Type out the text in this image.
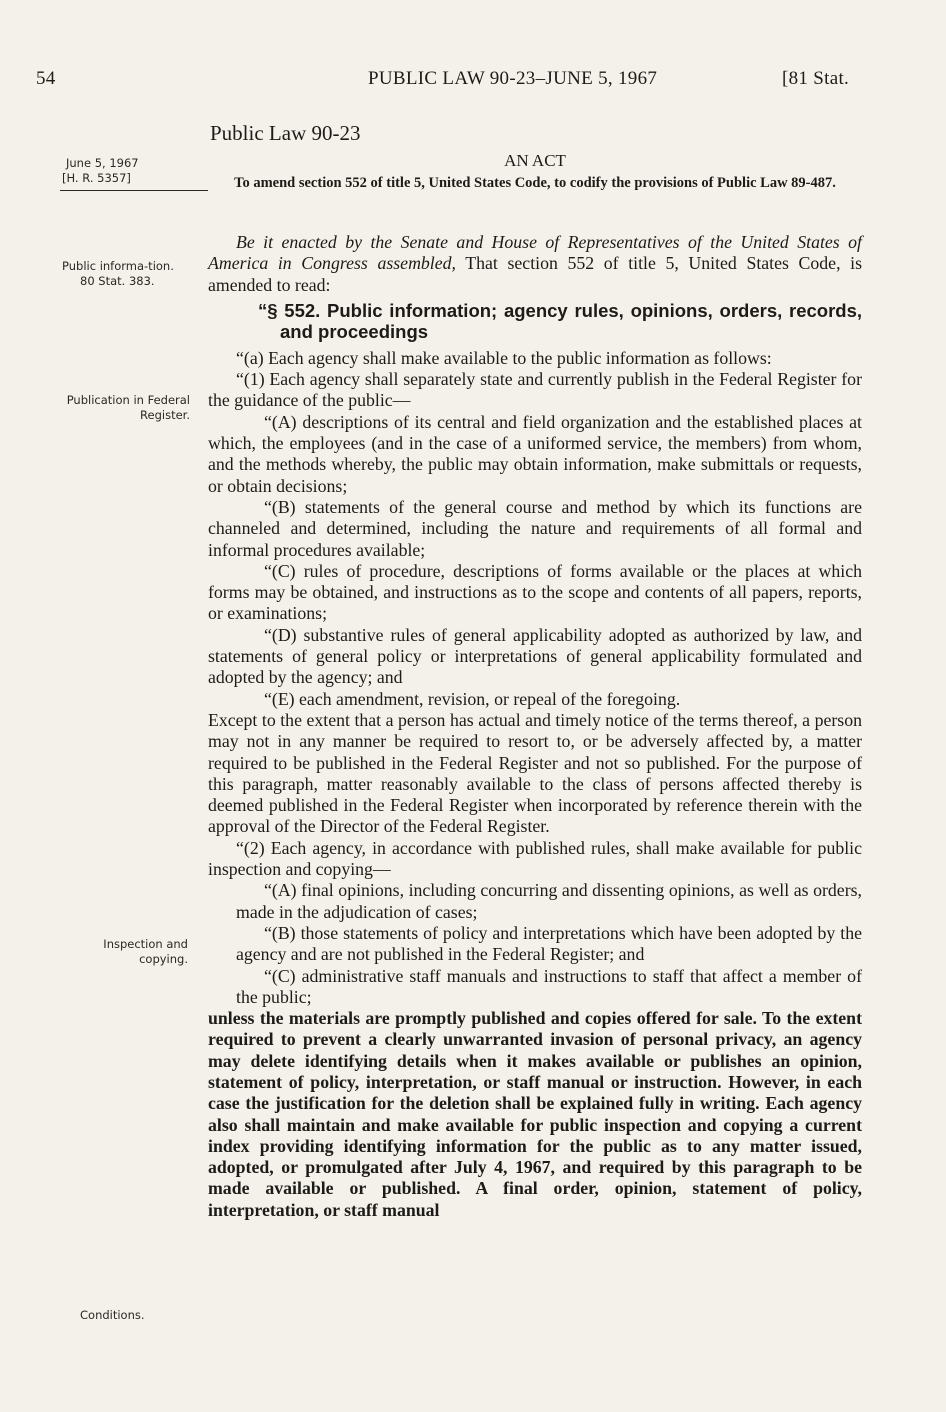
54	PUBLIC LAW 90-23–JUNE 5, 1967	[81 Stat.
Public Law 90-23
June 5, 1967
[H. R. 5357]
Public informa-tion.
80 Stat. 383.
Publication in Federal Register.
Inspection and copying.
Conditions.
AN ACT
To amend section 552 of title 5, United States Code, to codify the provisions of Public Law 89-487.

Be it enacted by the Senate and House of Representatives of the United States of America in Congress assembled, That section 552 of title 5, United States Code, is amended to read:

“§ 552. Public information; agency rules, opinions, orders, records, and proceedings

“(a) Each agency shall make available to the public information as follows:

“(1) Each agency shall separately state and currently publish in the Federal Register for the guidance of the public—

“(A) descriptions of its central and field organization and the established places at which, the employees (and in the case of a uniformed service, the members) from whom, and the methods whereby, the public may obtain information, make submittals or requests, or obtain decisions;

“(B) statements of the general course and method by which its functions are channeled and determined, including the nature and requirements of all formal and informal procedures available;

“(C) rules of procedure, descriptions of forms available or the places at which forms may be obtained, and instructions as to the scope and contents of all papers, reports, or examinations;

“(D) substantive rules of general applicability adopted as authorized by law, and statements of general policy or interpretations of general applicability formulated and adopted by the agency; and

“(E) each amendment, revision, or repeal of the foregoing.

Except to the extent that a person has actual and timely notice of the terms thereof, a person may not in any manner be required to resort to, or be adversely affected by, a matter required to be published in the Federal Register and not so published. For the purpose of this paragraph, matter reasonably available to the class of persons affected thereby is deemed published in the Federal Register when incorporated by reference therein with the approval of the Director of the Federal Register.

“(2) Each agency, in accordance with published rules, shall make available for public inspection and copying—

“(A) final opinions, including concurring and dissenting opinions, as well as orders, made in the adjudication of cases;

“(B) those statements of policy and interpretations which have been adopted by the agency and are not published in the Federal Register; and

“(C) administrative staff manuals and instructions to staff that affect a member of the public;

unless the materials are promptly published and copies offered for sale. To the extent required to prevent a clearly unwarranted invasion of personal privacy, an agency may delete identifying details when it makes available or publishes an opinion, statement of policy, interpretation, or staff manual or instruction. However, in each case the justification for the deletion shall be explained fully in writing. Each agency also shall maintain and make available for public inspection and copying a current index providing identifying information for the public as to any matter issued, adopted, or promulgated after July 4, 1967, and required by this paragraph to be made available or published. A final order, opinion, statement of policy, interpretation, or staff manual
